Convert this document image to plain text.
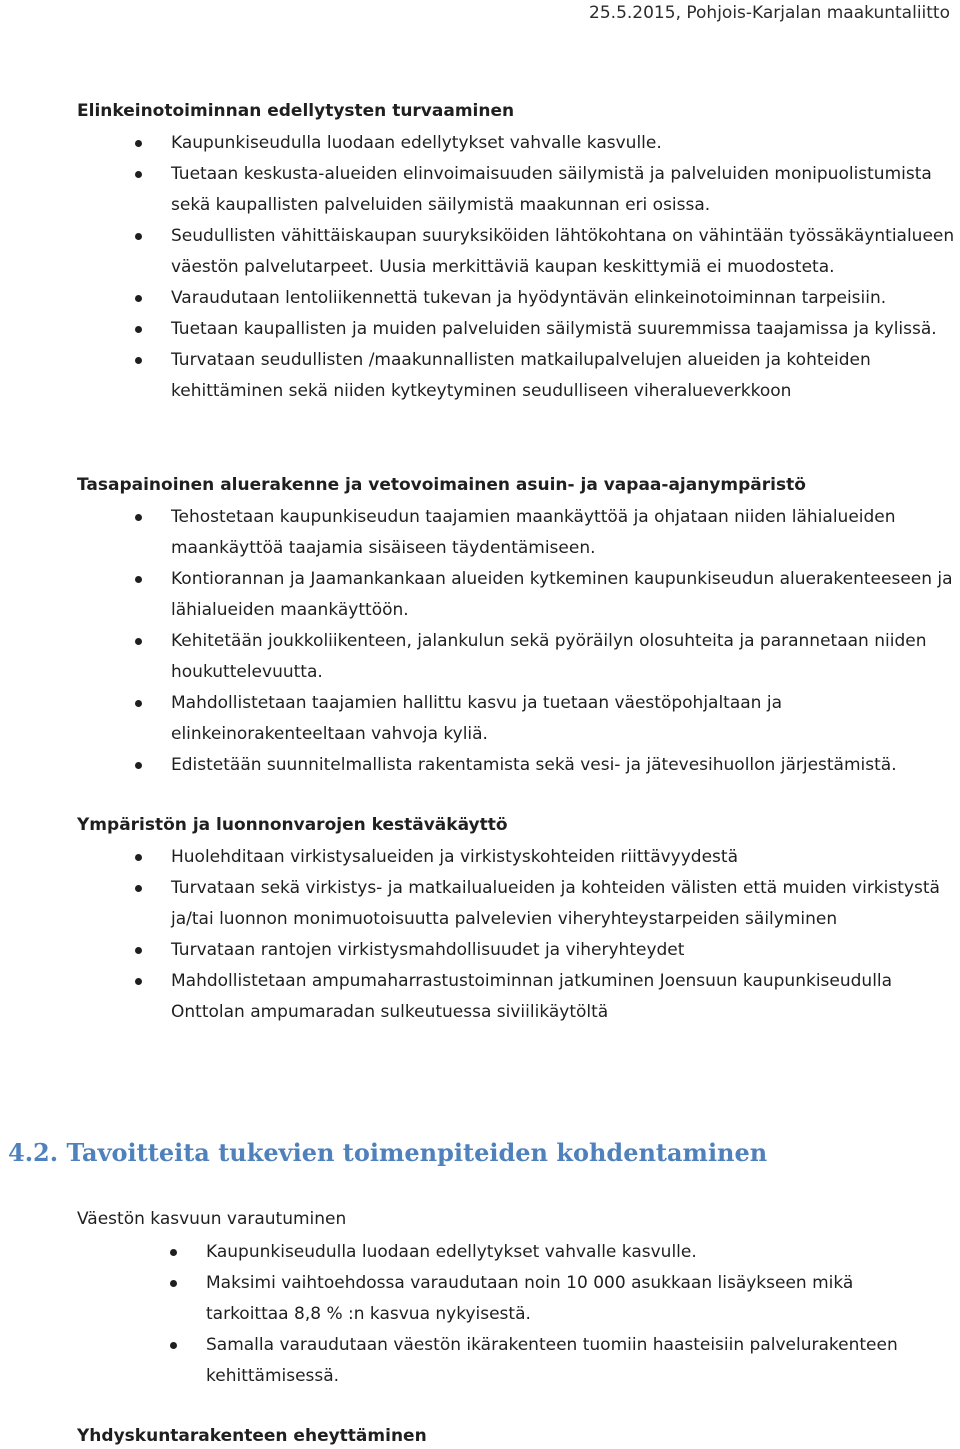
25.5.2015, Pohjois-Karjalan maakuntaliitto
Elinkeinotoiminnan edellytysten turvaaminen
Kaupunkiseudulla luodaan edellytykset vahvalle kasvulle.
Tuetaan keskusta-alueiden elinvoimaisuuden säilymistä ja palveluiden monipuolistumista sekä kaupallisten palveluiden säilymistä maakunnan eri osissa.
Seudullisten vähittäiskaupan suuryksiköiden lähtökohtana on vähintään työssäkäyntialueen väestön palvelutarpeet. Uusia merkittäviä kaupan keskittymiä ei muodosteta.
Varaudutaan lentoliikennettä tukevan ja hyödyntävän elinkeinotoiminnan tarpeisiin.
Tuetaan kaupallisten ja muiden palveluiden säilymistä suuremmissa taajamissa ja kylissä.
Turvataan seudullisten /maakunnallisten matkailupalvelujen alueiden ja kohteiden kehittäminen sekä niiden kytkeytyminen seudulliseen viheralueverkkoon
Tasapainoinen aluerakenne ja vetovoimainen asuin- ja vapaa-ajanympäristö
Tehostetaan kaupunkiseudun taajamien maankäyttöä ja ohjataan niiden lähialueiden maankäyttöä taajamia sisäiseen täydentämiseen.
Kontiorannan ja Jaamankankaan alueiden kytkeminen kaupunkiseudun aluerakenteeseen ja lähialueiden maankäyttöön.
Kehitetään joukkoliikenteen, jalankulun sekä pyöräilyn olosuhteita ja parannetaan niiden houkuttelevuutta.
Mahdollistetaan taajamien hallittu kasvu ja tuetaan väestöpohjaltaan ja elinkeinorakenteeltaan vahvoja kyliä.
Edistetään suunnitelmallista rakentamista sekä vesi- ja jätevesihuollon järjestämistä.
Ympäristön ja luonnonvarojen kestäväkäyttö
Huolehditaan virkistysalueiden ja virkistyskohteiden riittävyydestä
Turvataan sekä virkistys- ja matkailualueiden ja kohteiden välisten että muiden virkistystä ja/tai luonnon monimuotoisuutta palvelevien viheryhteystarpeiden säilyminen
Turvataan rantojen virkistysmahdollisuudet ja viheryhteydet
Mahdollistetaan ampumaharrastustoiminnan jatkuminen Joensuun kaupunkiseudulla Onttolan ampumaradan sulkeutuessa siviilikäytöltä
4.2. Tavoitteita tukevien toimenpiteiden kohdentaminen
Väestön kasvuun varautuminen
Kaupunkiseudulla luodaan edellytykset vahvalle kasvulle.
Maksimi vaihtoehdossa varaudutaan noin 10 000 asukkaan lisäykseen mikä tarkoittaa 8,8 % :n kasvua nykyisestä.
Samalla varaudutaan väestön ikärakenteen tuomiin haasteisiin palvelurakenteen kehittämisessä.
Yhdyskuntarakenteen eheyttäminen
